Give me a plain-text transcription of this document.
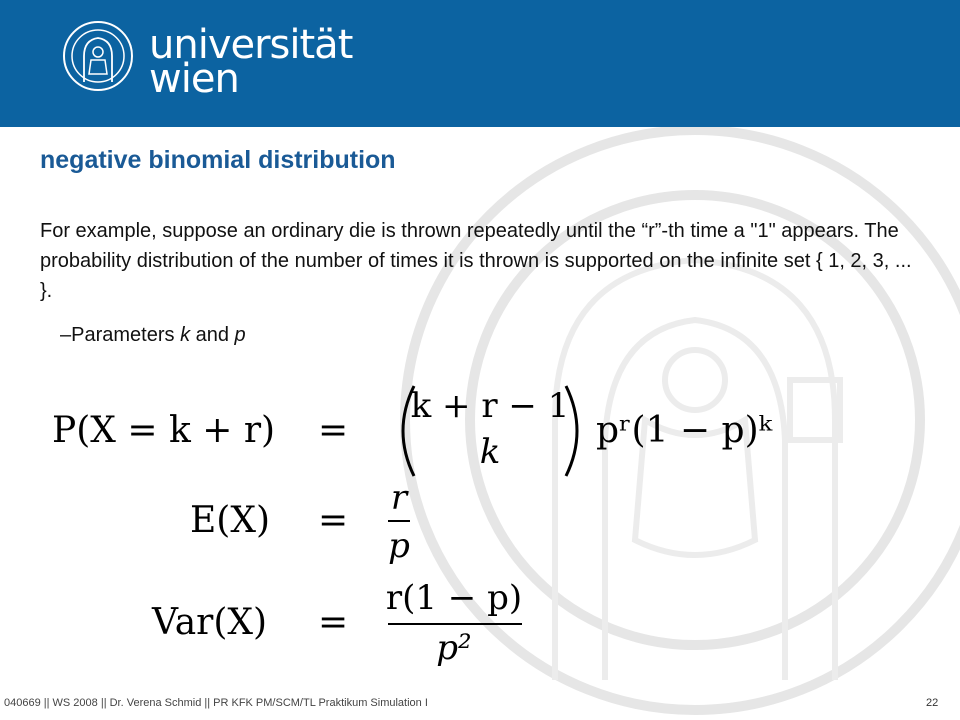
universität
wien
negative binomial distribution

For example, suppose an ordinary die is thrown repeatedly until the “r”-th time a "1" appears. The probability distribution of the number of times it is thrown is supported on the infinite set { 1, 2, 3, ... }.

–Parameters k and p
P(X = k + r) =
k + r − 1
k
pʳ(1 − p)ᵏ
E(X) =
r
p
Var(X) =
r(1 − p)
p²
040669 || WS 2008 || Dr. Verena Schmid || PR KFK PM/SCM/TL Praktikum Simulation I	22
